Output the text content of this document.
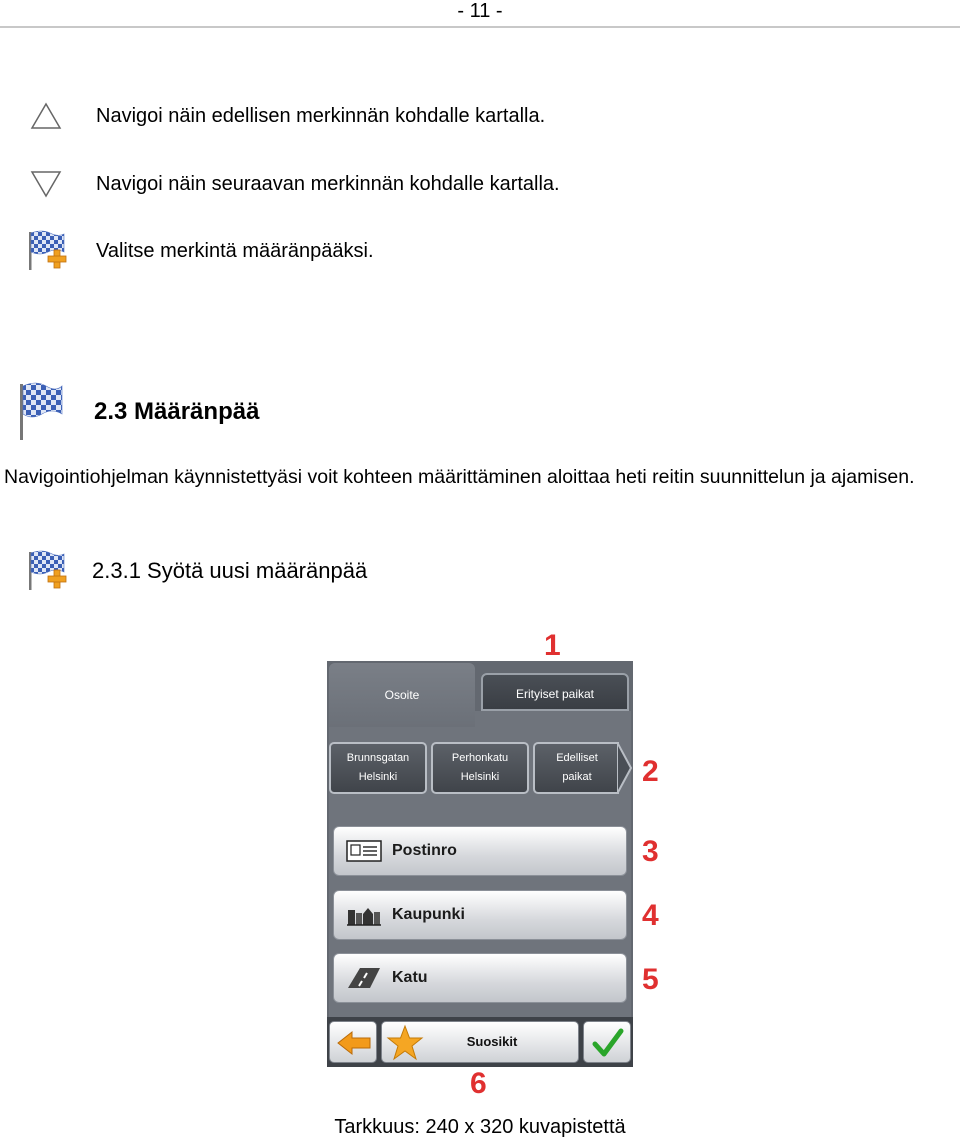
- 11 -
Navigoi näin edellisen merkinnän kohdalle kartalla.
Navigoi näin seuraavan merkinnän kohdalle kartalla.
Valitse merkintä määränpääksi.
2.3 Määränpää
Navigointiohjelman käynnistettyäsi voit kohteen määrittäminen aloittaa heti reitin suunnittelun ja ajamisen.
2.3.1 Syötä uusi määränpää
Osoite	Erityiset paikat
Brunnsgatan
Helsinki
Perhonkatu
Helsinki
Edelliset
paikat
Postinro
Kaupunki
Katu
Suosikit
1
2
3
4
5
6
Tarkkuus: 240 x 320 kuvapistettä
